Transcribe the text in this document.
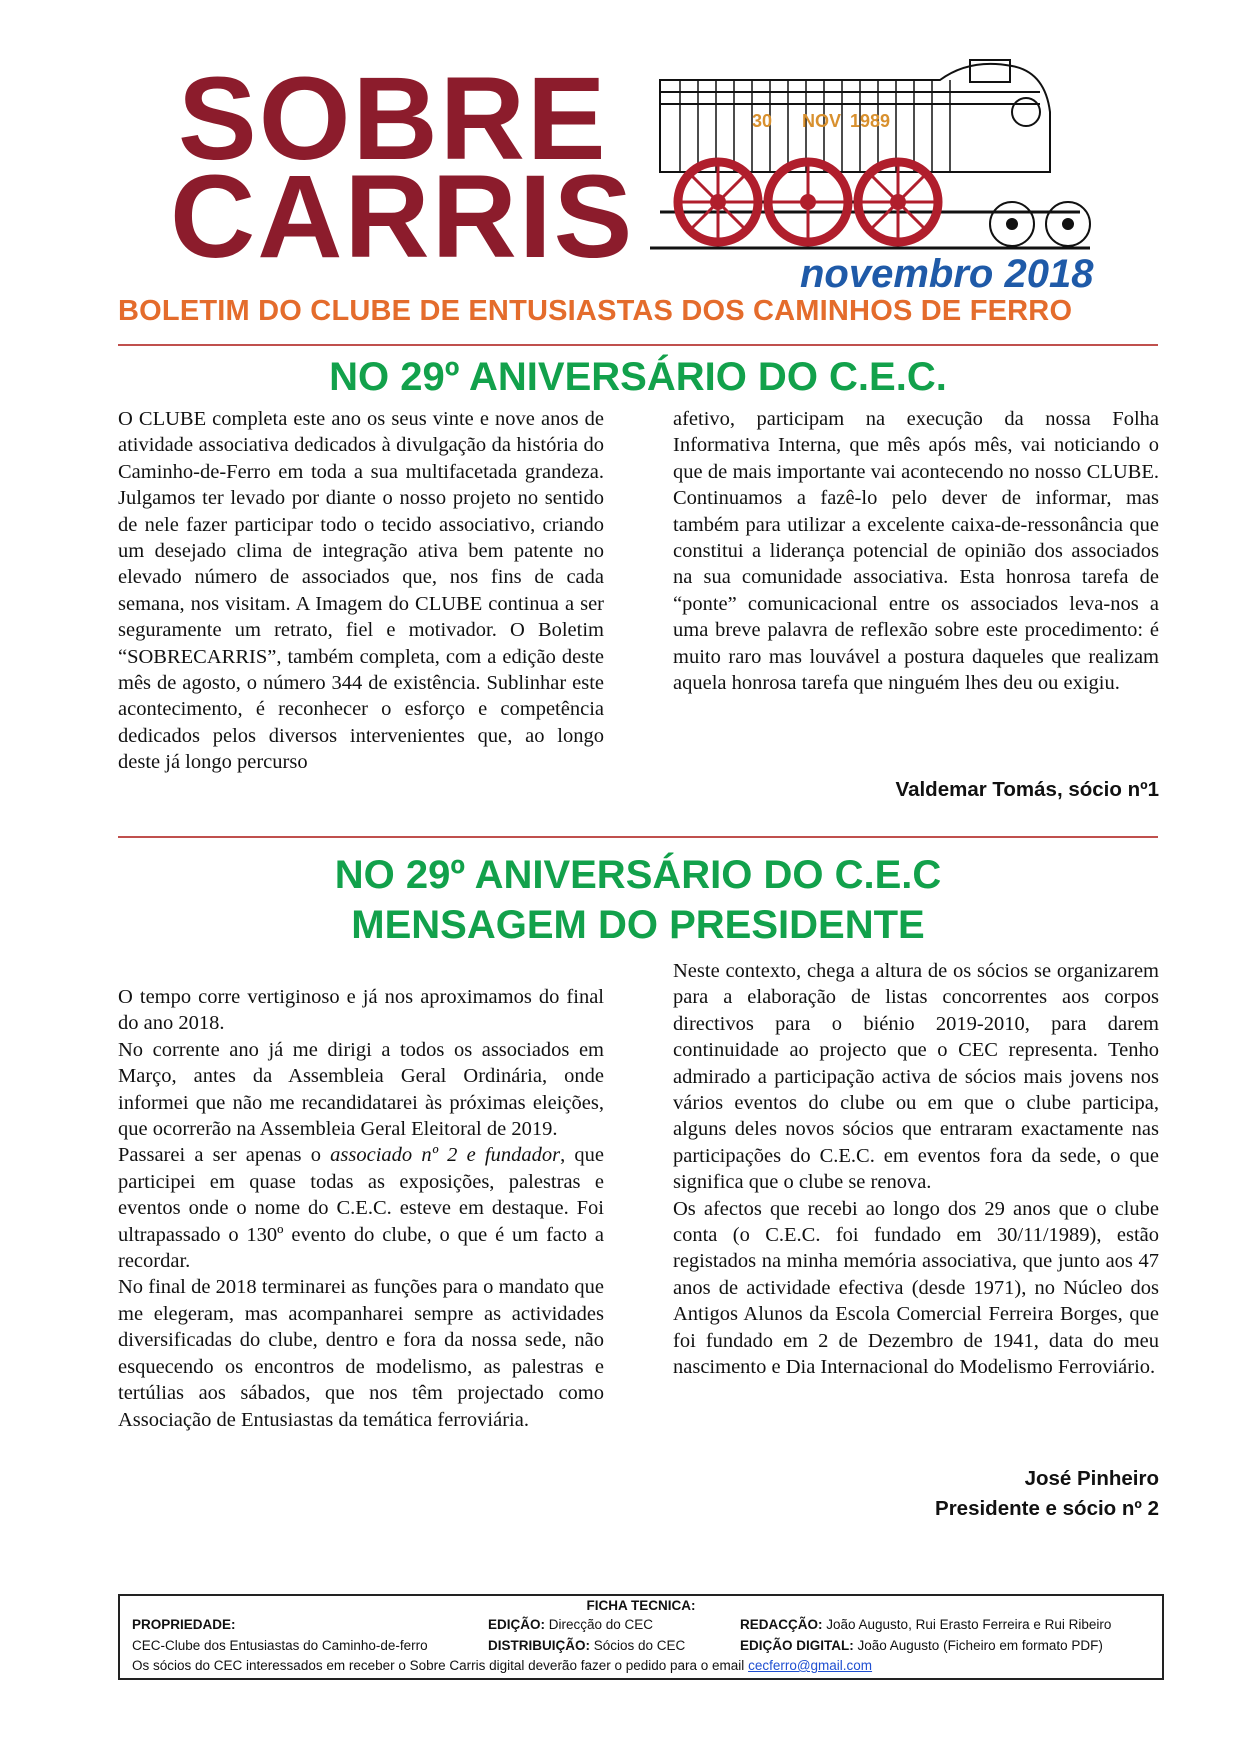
SOBRE
CARRIS
30 NOV 1989
novembro 2018
BOLETIM DO CLUBE DE ENTUSIASTAS DOS CAMINHOS DE FERRO
NO 29º ANIVERSÁRIO DO C.E.C.

O CLUBE completa este ano os seus vinte e nove anos de atividade associativa dedicados à divulgação da história do Caminho-de-Ferro em toda a sua multifacetada grandeza. Julgamos ter levado por diante o nosso projeto no sentido de nele fazer participar todo o tecido associativo, criando um desejado clima de integração ativa bem patente no elevado número de associados que, nos fins de cada semana, nos visitam. A Imagem do CLUBE continua a ser seguramente um retrato, fiel e motivador. O Boletim “SOBRECARRIS”, também completa, com a edição deste mês de agosto, o número 344 de existência. Sublinhar este acontecimento, é reconhecer o esforço e competência dedicados pelos diversos intervenientes que, ao longo deste já longo percurso

afetivo, participam na execução da nossa Folha Informativa Interna, que mês após mês, vai noticiando o que de mais importante vai acontecendo no nosso CLUBE. Continuamos a fazê-lo pelo dever de informar, mas também para utilizar a excelente caixa-de-ressonância que constitui a liderança potencial de opinião dos associados na sua comunidade associativa. Esta honrosa tarefa de “ponte” comunicacional entre os associados leva-nos a uma breve palavra de reflexão sobre este procedimento: é muito raro mas louvável a postura daqueles que realizam aquela honrosa tarefa que ninguém lhes deu ou exigiu.

Valdemar Tomás, sócio nº1
NO 29º ANIVERSÁRIO DO C.E.C
MENSAGEM DO PRESIDENTE

O tempo corre vertiginoso e já nos aproximamos do final do ano 2018.

No corrente ano já me dirigi a todos os associados em Março, antes da Assembleia Geral Ordinária, onde informei que não me recandidatarei às próximas eleições, que ocorrerão na Assembleia Geral Eleitoral de 2019.

Passarei a ser apenas o associado nº 2 e fundador, que participei em quase todas as exposições, palestras e eventos onde o nome do C.E.C. esteve em destaque. Foi ultrapassado o 130º evento do clube, o que é um facto a recordar.

No final de 2018 terminarei as funções para o mandato que me elegeram, mas acompanharei sempre as actividades diversificadas do clube, dentro e fora da nossa sede, não esquecendo os encontros de modelismo, as palestras e tertúlias aos sábados, que nos têm projectado como Associação de Entusiastas da temática ferroviária.

Neste contexto, chega a altura de os sócios se organizarem para a elaboração de listas concorrentes aos corpos directivos para o biénio 2019-2010, para darem continuidade ao projecto que o CEC representa. Tenho admirado a participação activa de sócios mais jovens nos vários eventos do clube ou em que o clube participa, alguns deles novos sócios que entraram exactamente nas participações do C.E.C. em eventos fora da sede, o que significa que o clube se renova.

Os afectos que recebi ao longo dos 29 anos que o clube conta (o C.E.C. foi fundado em 30/11/1989), estão registados na minha memória associativa, que junto aos 47 anos de actividade efectiva (desde 1971), no Núcleo dos Antigos Alunos da Escola Comercial Ferreira Borges, que foi fundado em 2 de Dezembro de 1941, data do meu nascimento e Dia Internacional do Modelismo Ferroviário.

José Pinheiro
Presidente e sócio nº 2
FICHA TECNICA:
PROPRIEDADE:
CEC-Clube dos Entusiastas do Caminho-de-ferro
EDIÇÃO: Direcção do CEC
DISTRIBUIÇÃO: Sócios do CEC
REDACÇÃO: João Augusto, Rui Erasto Ferreira e Rui Ribeiro
EDIÇÃO DIGITAL: João Augusto (Ficheiro em formato PDF)
Os sócios do CEC interessados em receber o Sobre Carris digital deverão fazer o pedido para o email cecferro@gmail.com
